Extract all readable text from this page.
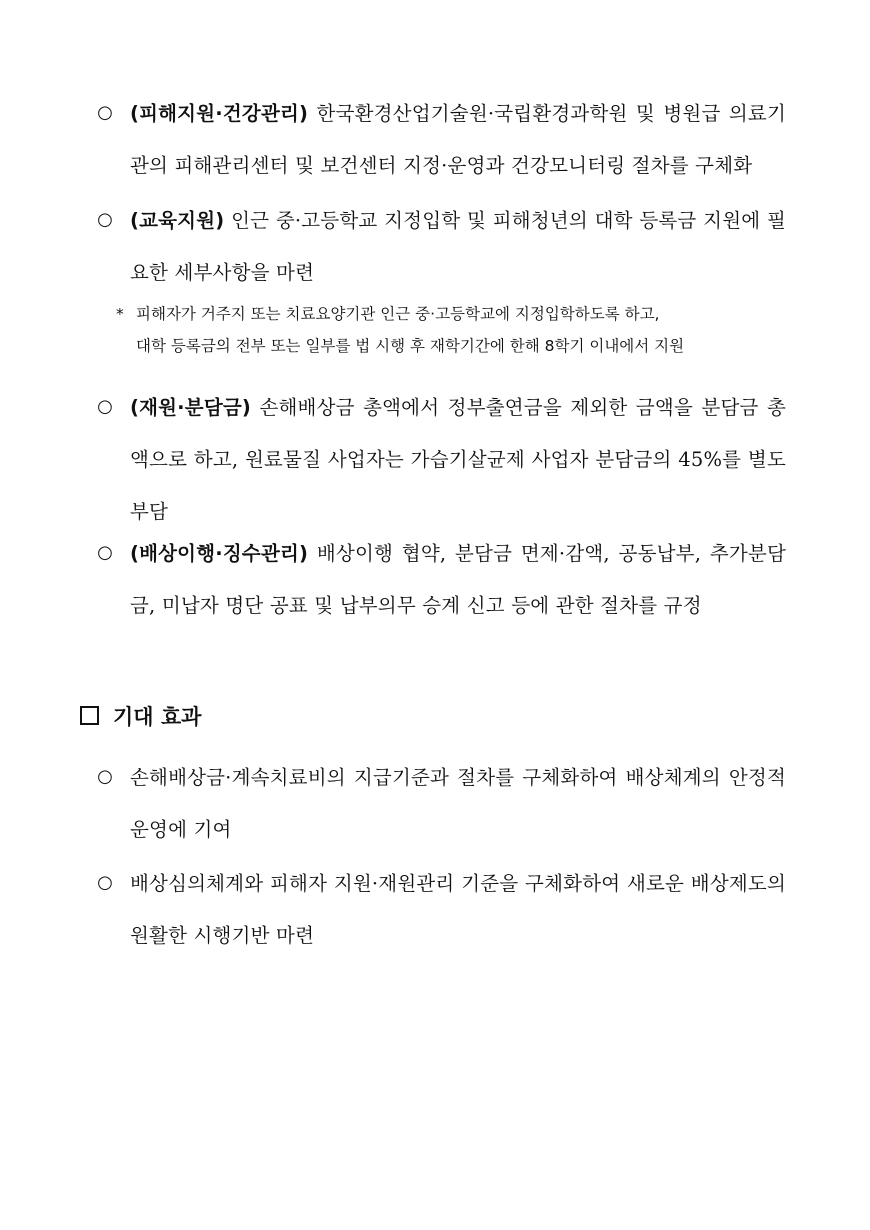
○ (피해지원·건강관리) 한국환경산업기술원·국립환경과학원 및 병원급 의료기관의 피해관리센터 및 보건센터 지정·운영과 건강모니터링 절차를 구체화
○ (교육지원) 인근 중·고등학교 지정입학 및 피해청년의 대학 등록금 지원에 필요한 세부사항을 마련
* 피해자가 거주지 또는 치료요양기관 인근 중·고등학교에 지정입학하도록 하고,
대학 등록금의 전부 또는 일부를 법 시행 후 재학기간에 한해 8학기 이내에서 지원
○ (재원·분담금) 손해배상금 총액에서 정부출연금을 제외한 금액을 분담금 총액으로 하고, 원료물질 사업자는 가습기살균제 사업자 분담금의 45%를 별도 부담
○ (배상이행·징수관리) 배상이행 협약, 분담금 면제·감액, 공동납부, 추가분담금, 미납자 명단 공표 및 납부의무 승계 신고 등에 관한 절차를 규정
기대 효과
○ 손해배상금·계속치료비의 지급기준과 절차를 구체화하여 배상체계의 안정적 운영에 기여
○ 배상심의체계와 피해자 지원·재원관리 기준을 구체화하여 새로운 배상제도의 원활한 시행기반 마련
